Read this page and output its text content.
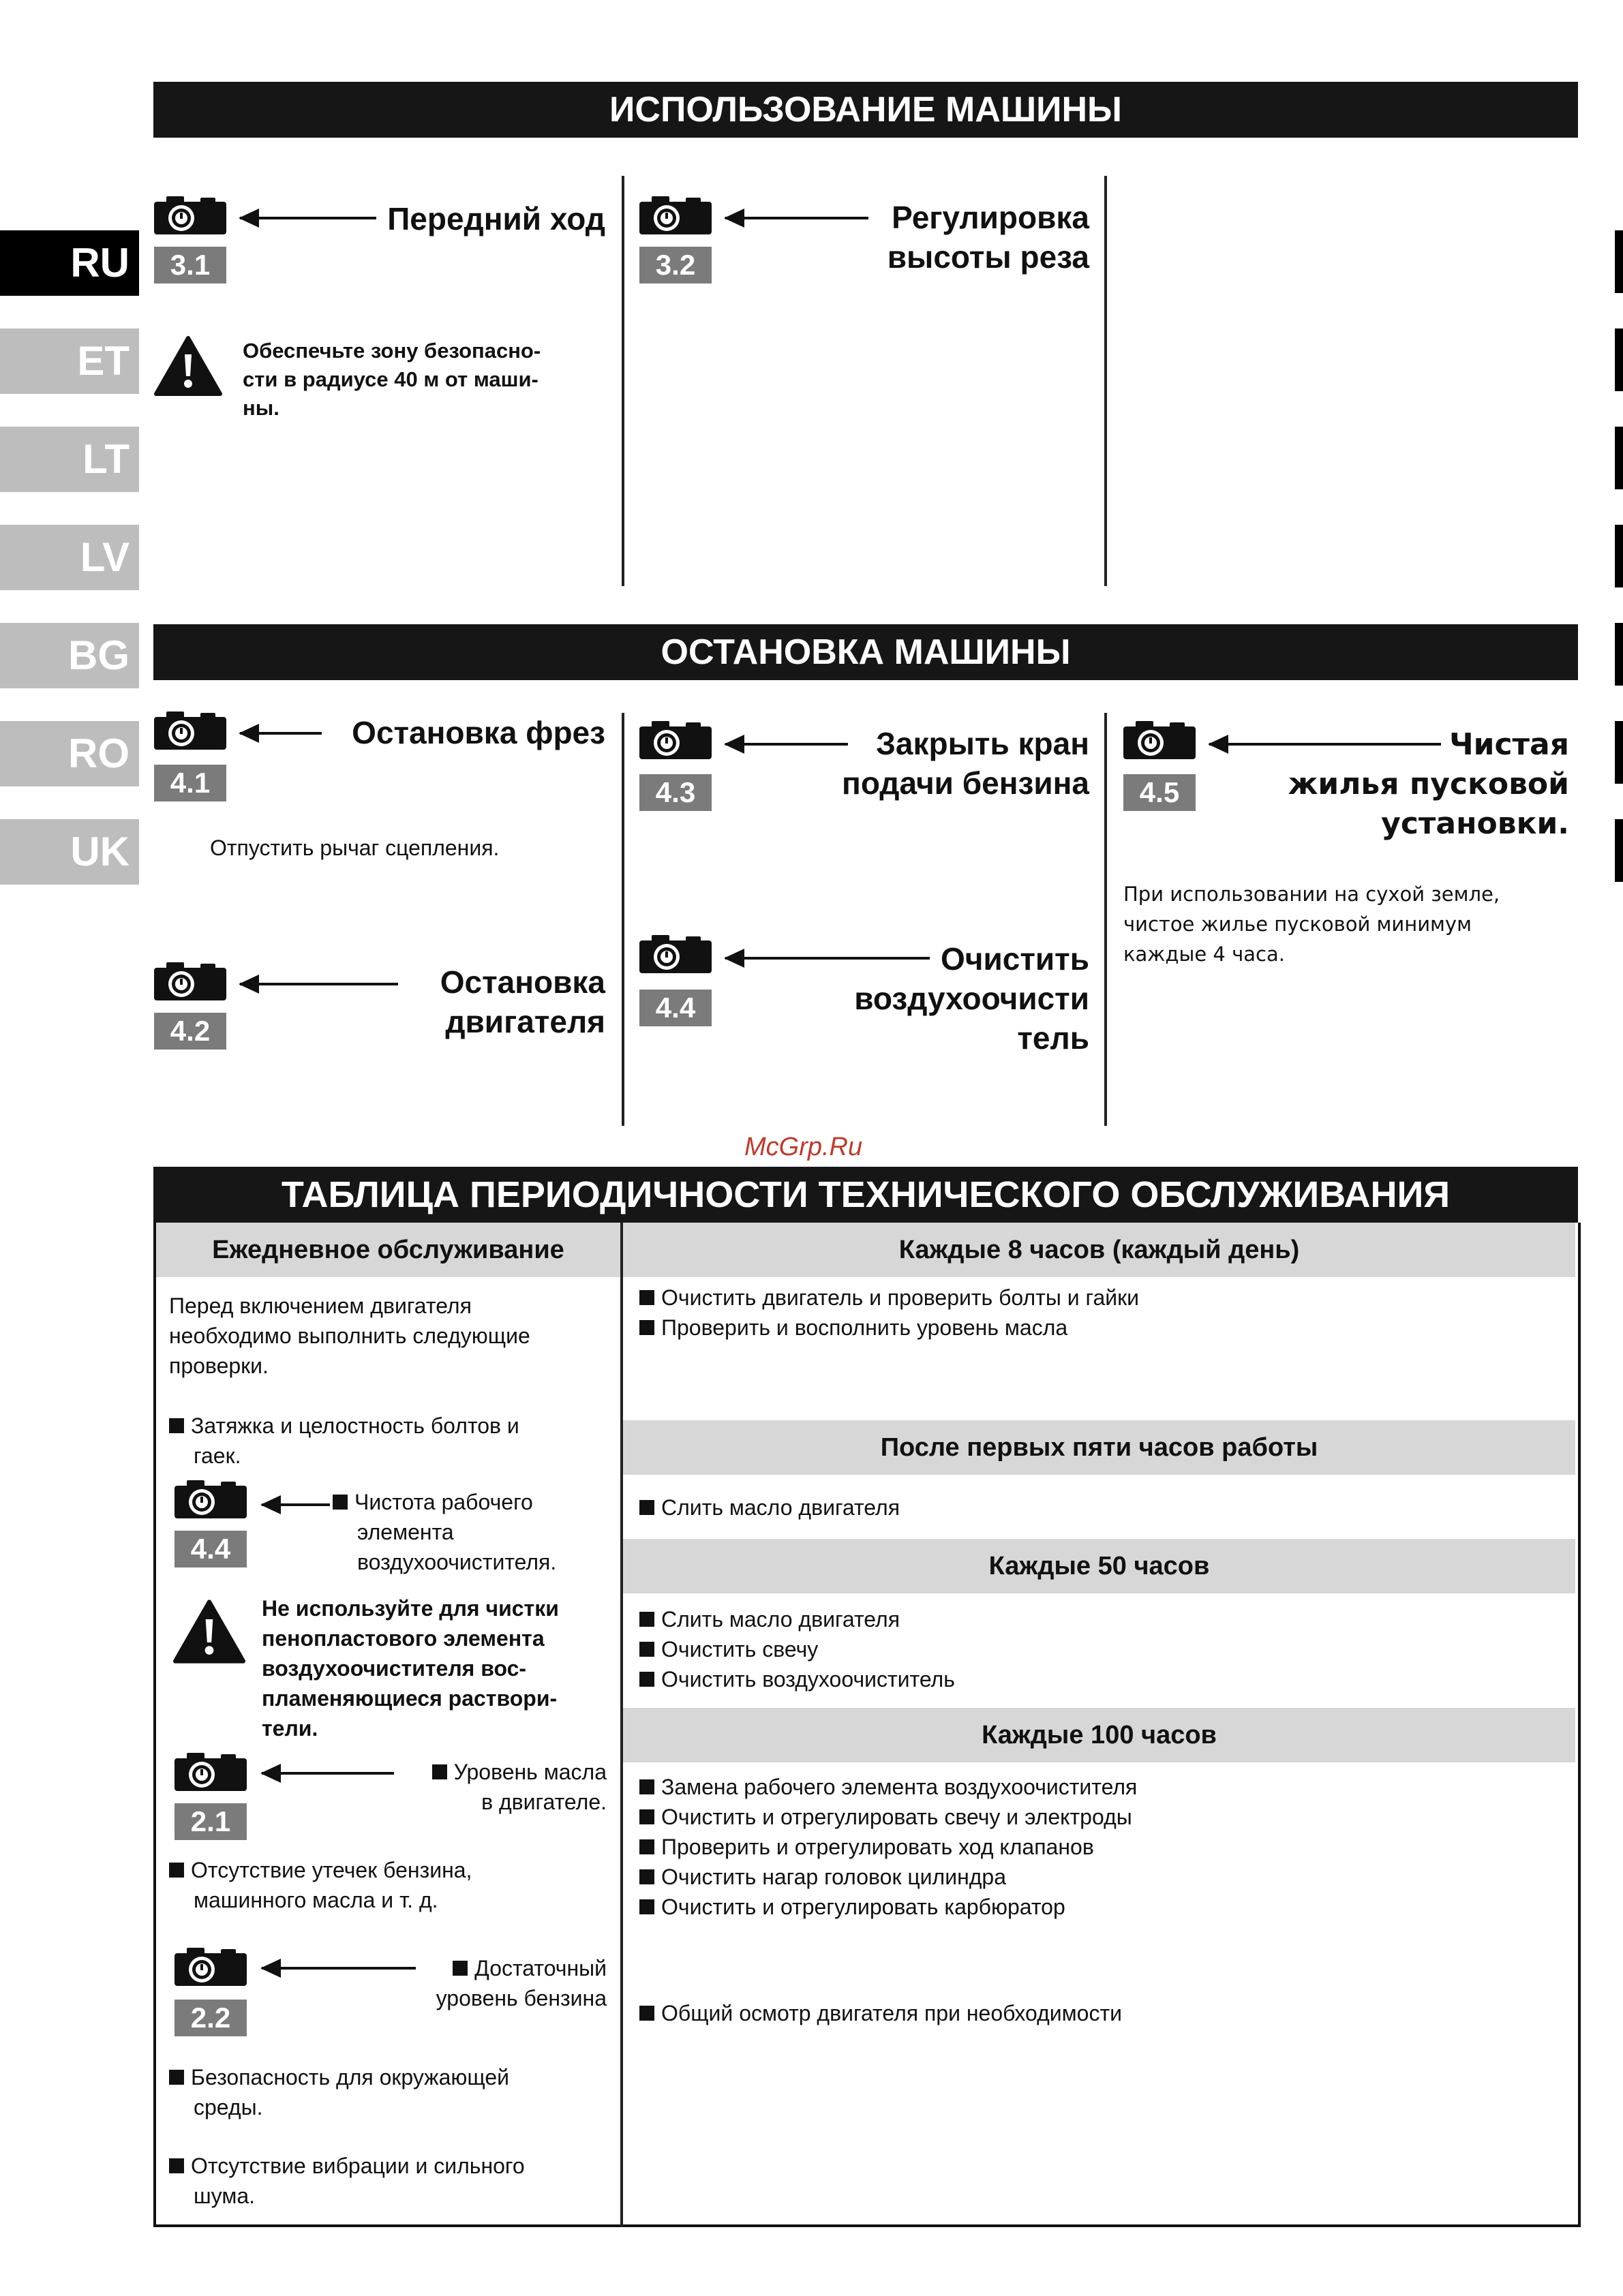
RU
ET
LT
LV
BG
RO
UK
ИСПОЛЬЗОВАНИЕ МАШИНЫ
3.1
Передний ход
Обеспечьте зону безопасно-
сти в радиусе 40 м от маши-
ны.
3.2
Регулировка
высоты реза
ОСТАНОВКА МАШИНЫ
4.1
Остановка фрез
Отпустить рычаг сцепления.
4.2
Остановка
двигателя
4.3
Закрыть кран
подачи бензина
4.4
Очистить
воздухоочисти
тель
4.5
Чистая
жилья пусковой
установки.
При использовании на сухой земле,
чистое жилье пусковой минимум
каждые 4 часа.
McGrp.Ru
ТАБЛИЦА ПЕРИОДИЧНОСТИ ТЕХНИЧЕСКОГО ОБСЛУЖИВАНИЯ
Ежедневное обслуживание
Перед включением двигателя
необходимо выполнить следующие
проверки.
Затяжка и целостность болтов и
гаек.
4.4
Чистота рабочего
элемента
воздухоочистителя.
Не используйте для чистки
пенопластового элемента
воздухоочистителя вос-
пламеняющиеся раствори-
тели.
2.1
Уровень масла
в двигателе.
Отсутствие утечек бензина,
машинного масла и т. д.
2.2
Достаточный
уровень бензина
Безопасность для окружающей
среды.
Отсутствие вибрации и сильного
шума.
Каждые 8 часов (каждый день)
Очистить двигатель и проверить болты и гайки
Проверить и восполнить уровень масла
После первых пяти часов работы
Слить масло двигателя
Каждые 50 часов
Слить масло двигателя
Очистить свечу
Очистить воздухоочиститель
Каждые 100 часов
Замена рабочего элемента воздухоочистителя
Очистить и отрегулировать свечу и электроды
Проверить и отрегулировать ход клапанов
Очистить нагар головок цилиндра
Очистить и отрегулировать карбюратор
Общий осмотр двигателя при необходимости
